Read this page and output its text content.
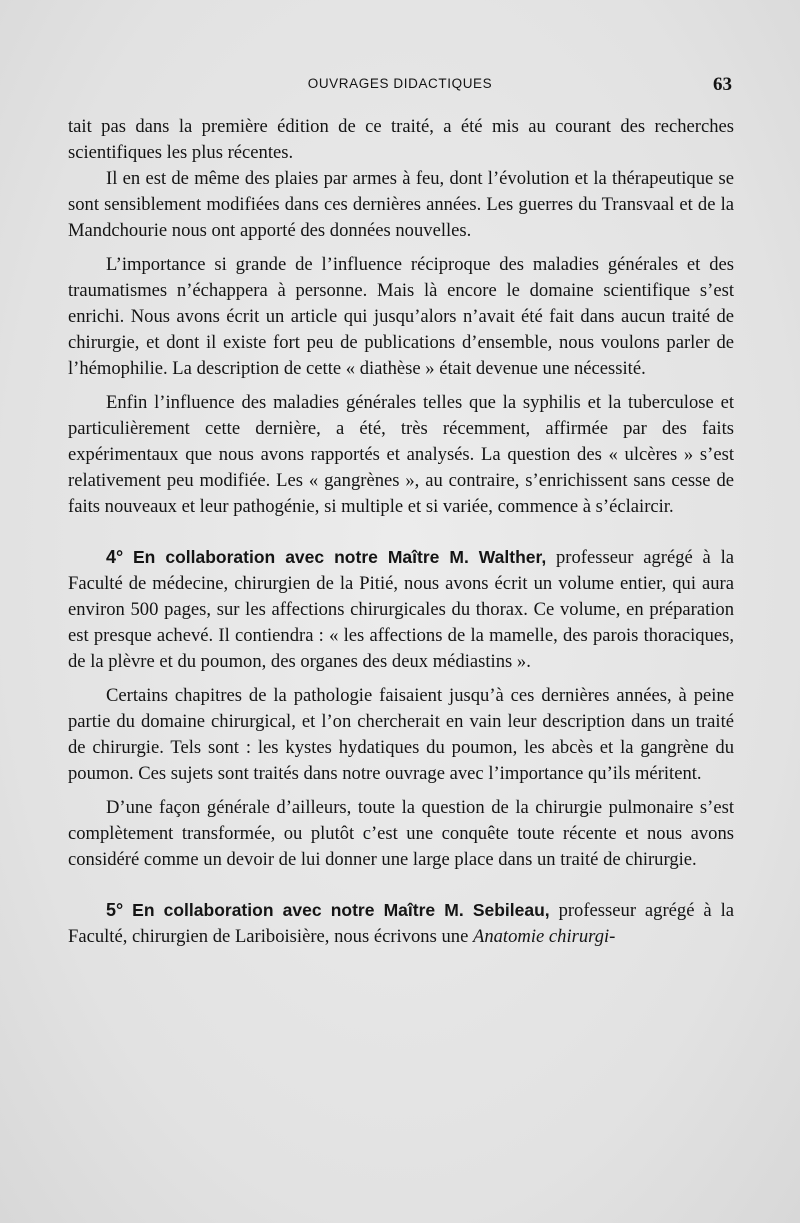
OUVRAGES DIDACTIQUES	63

tait pas dans la première édition de ce traité, a été mis au courant des recherches scientifiques les plus récentes.

Il en est de même des plaies par armes à feu, dont l’évolution et la thérapeutique se sont sensiblement modifiées dans ces dernières années. Les guerres du Transvaal et de la Mandchourie nous ont apporté des données nouvelles.

L’importance si grande de l’influence réciproque des maladies générales et des traumatismes n’échappera à personne. Mais là encore le domaine scientifique s’est enrichi. Nous avons écrit un article qui jusqu’alors n’avait été fait dans aucun traité de chirurgie, et dont il existe fort peu de publications d’ensemble, nous voulons parler de l’hémophilie. La description de cette « diathèse » était devenue une nécessité.

Enfin l’influence des maladies générales telles que la syphilis et la tuberculose et particulièrement cette dernière, a été, très récemment, affirmée par des faits expérimentaux que nous avons rapportés et analysés. La question des « ulcères » s’est relativement peu modifiée. Les « gangrènes », au contraire, s’enrichissent sans cesse de faits nouveaux et leur pathogénie, si multiple et si variée, commence à s’éclaircir.

4° En collaboration avec notre Maître M. Walther, professeur agrégé à la Faculté de médecine, chirurgien de la Pitié, nous avons écrit un volume entier, qui aura environ 500 pages, sur les affections chirurgicales du thorax. Ce volume, en préparation est presque achevé. Il contiendra : « les affections de la mamelle, des parois thoraciques, de la plèvre et du poumon, des organes des deux médiastins ».

Certains chapitres de la pathologie faisaient jusqu’à ces dernières années, à peine partie du domaine chirurgical, et l’on chercherait en vain leur description dans un traité de chirurgie. Tels sont : les kystes hydatiques du poumon, les abcès et la gangrène du poumon. Ces sujets sont traités dans notre ouvrage avec l’importance qu’ils méritent.

D’une façon générale d’ailleurs, toute la question de la chirurgie pulmonaire s’est complètement transformée, ou plutôt c’est une conquête toute récente et nous avons considéré comme un devoir de lui donner une large place dans un traité de chirurgie.

5° En collaboration avec notre Maître M. Sebileau, professeur agrégé à la Faculté, chirurgien de Lariboisière, nous écrivons une Anatomie chirurgi-
